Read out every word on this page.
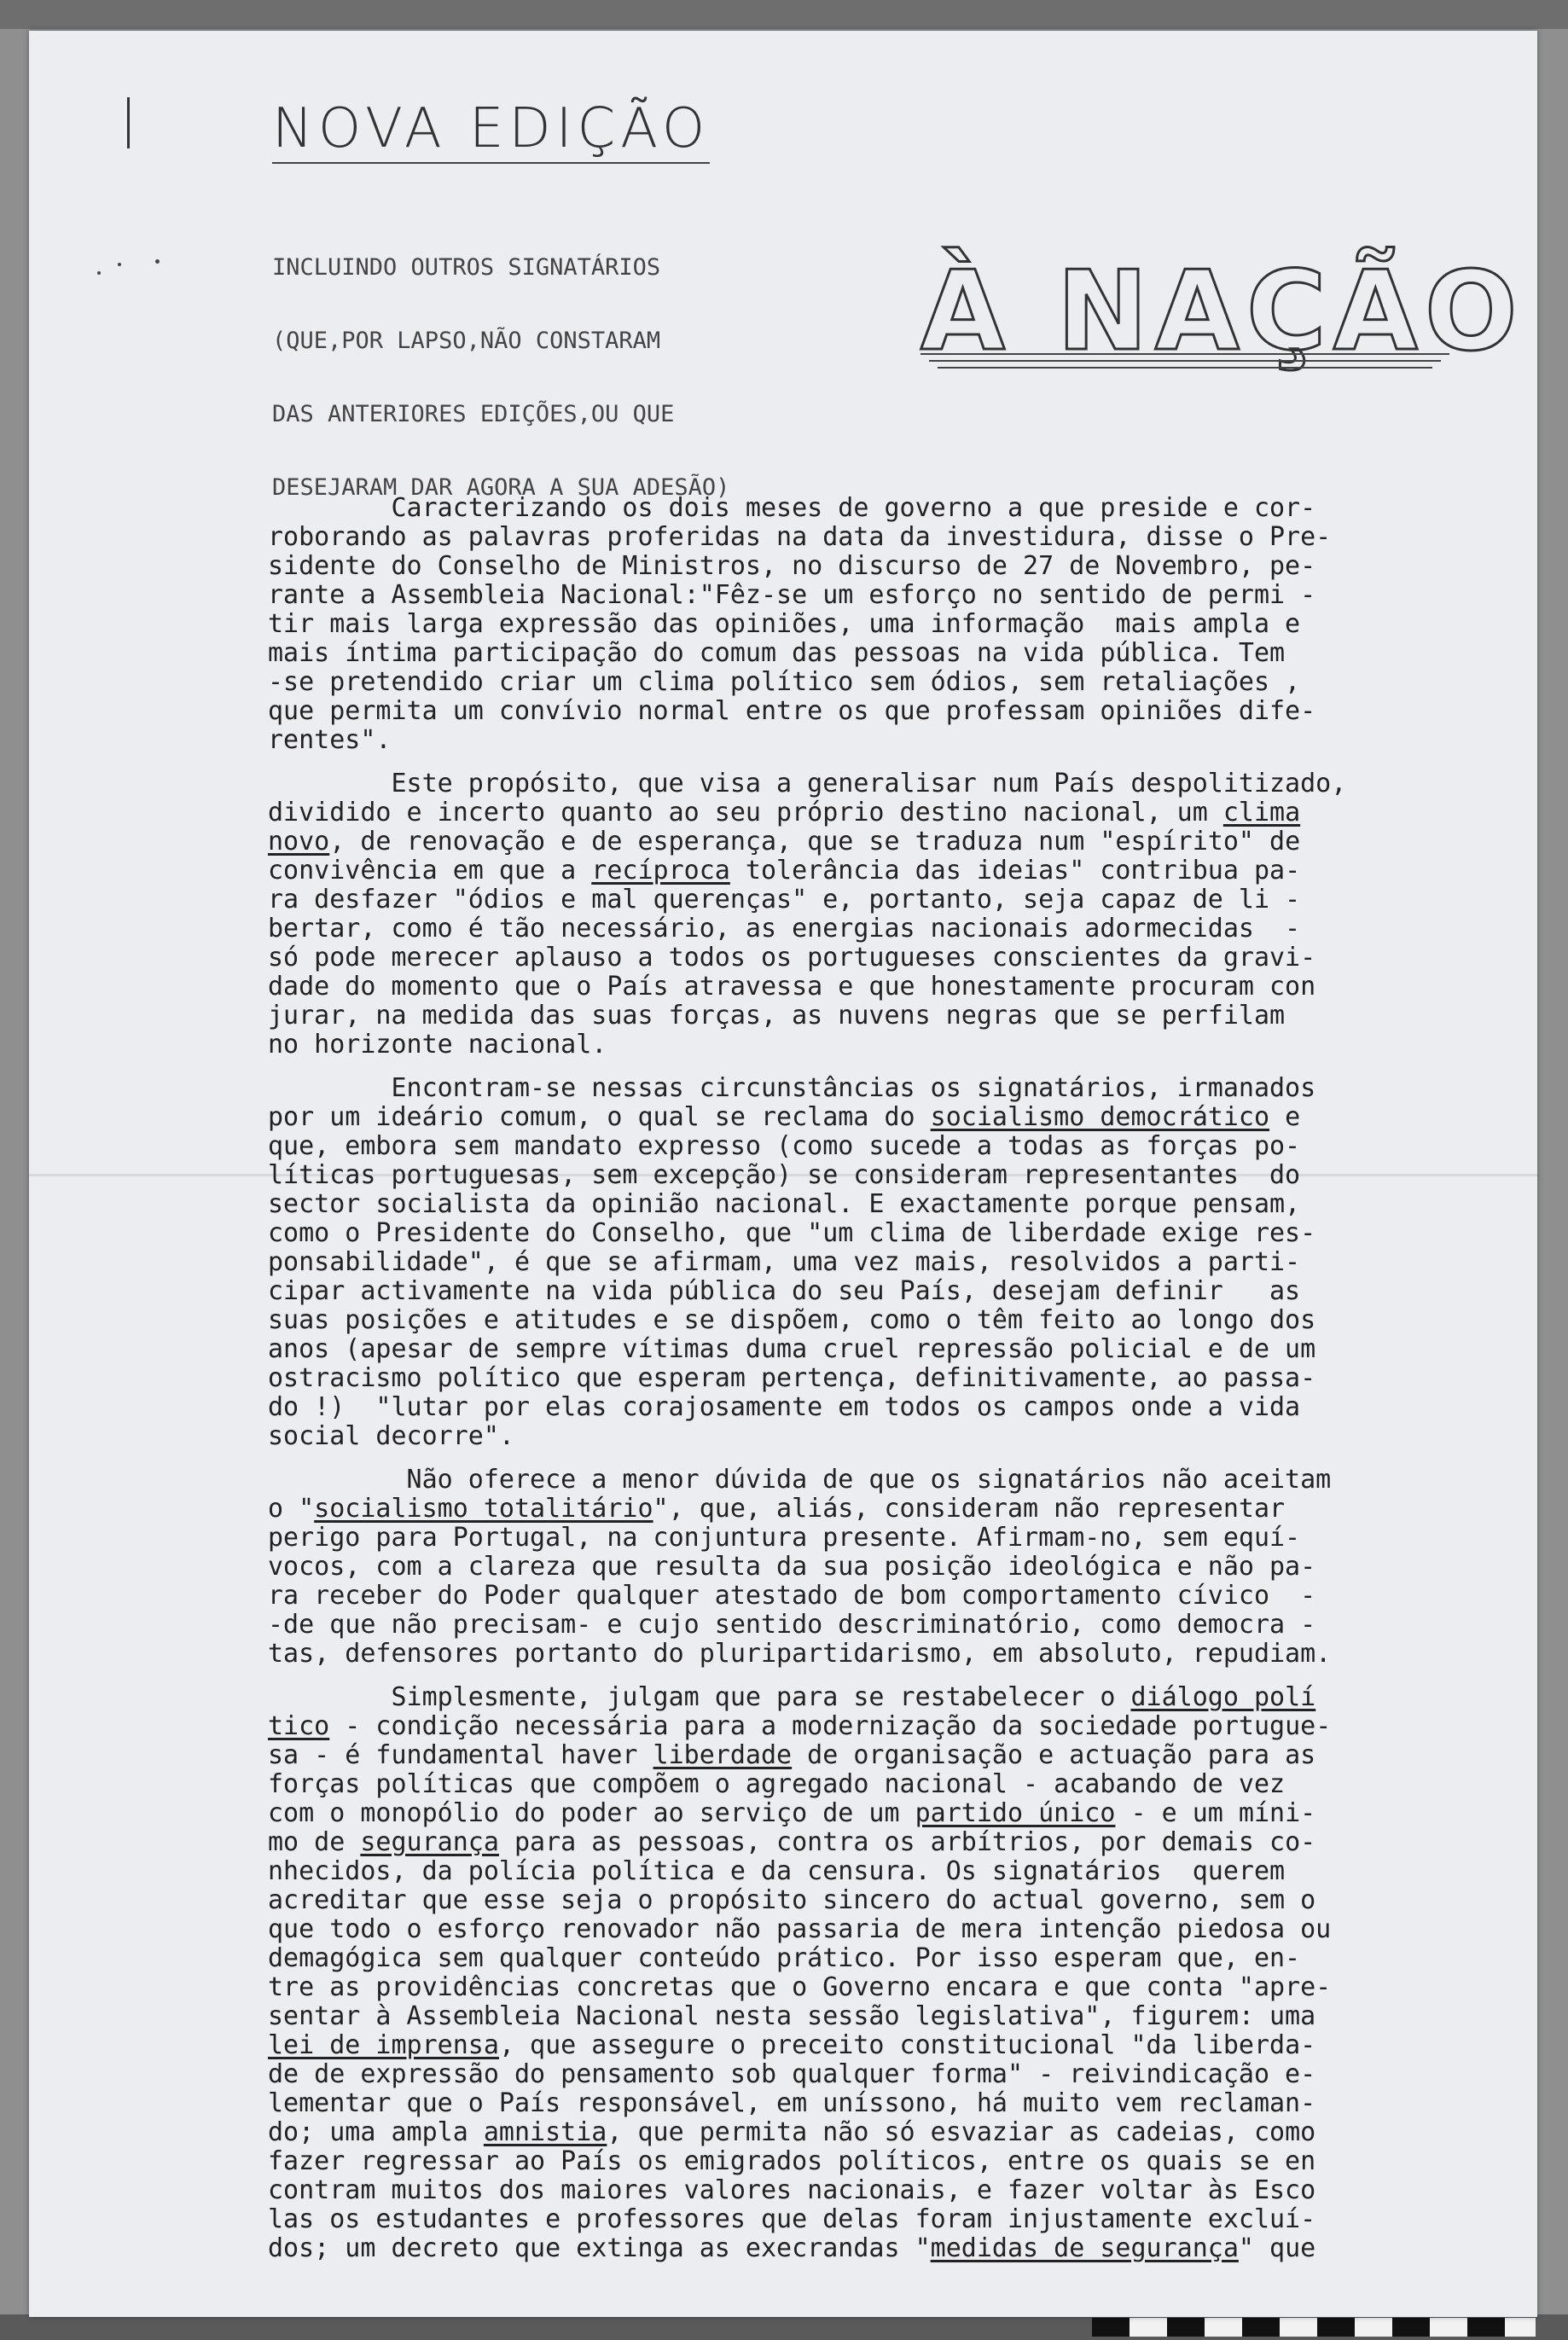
NOVA EDIÇÃO

INCLUINDO OUTROS SIGNATÁRIOS

(QUE,POR LAPSO,NÃO CONSTARAM

DAS ANTERIORES EDIÇÕES,OU QUE

DESEJARAM DAR AGORA A SUA ADESÃO)

À NAÇÃO
Caracterizando os dois meses de governo a que preside e cor-
roborando as palavras proferidas na data da investidura, disse o Pre-
sidente do Conselho de Ministros, no discurso de 27 de Novembro, pe-
rante a Assembleia Nacional:"Fêz-se um esforço no sentido de permi -
tir mais larga expressão das opiniões, uma informação  mais ampla e
mais íntima participação do comum das pessoas na vida pública. Tem
-se pretendido criar um clima político sem ódios, sem retaliações ,
que permita um convívio normal entre os que professam opiniões dife-
rentes".
Este propósito, que visa a generalisar num País despolitizado,
dividido e incerto quanto ao seu próprio destino nacional, um clima
novo, de renovação e de esperança, que se traduza num "espírito" de
convivência em que a recíproca tolerância das ideias" contribua pa-
ra desfazer "ódios e mal querenças" e, portanto, seja capaz de li -
bertar, como é tão necessário, as energias nacionais adormecidas  -
só pode merecer aplauso a todos os portugueses conscientes da gravi-
dade do momento que o País atravessa e que honestamente procuram con
jurar, na medida das suas forças, as nuvens negras que se perfilam
no horizonte nacional.
Encontram-se nessas circunstâncias os signatários, irmanados
por um ideário comum, o qual se reclama do socialismo democrático e
que, embora sem mandato expresso (como sucede a todas as forças po-
líticas portuguesas, sem excepção) se consideram representantes  do
sector socialista da opinião nacional. E exactamente porque pensam,
como o Presidente do Conselho, que "um clima de liberdade exige res-
ponsabilidade", é que se afirmam, uma vez mais, resolvidos a parti-
cipar activamente na vida pública do seu País, desejam definir   as
suas posições e atitudes e se dispõem, como o têm feito ao longo dos
anos (apesar de sempre vítimas duma cruel repressão policial e de um
ostracismo político que esperam pertença, definitivamente, ao passa-
do !)  "lutar por elas corajosamente em todos os campos onde a vida
social decorre".
Não oferece a menor dúvida de que os signatários não aceitam
o "socialismo totalitário", que, aliás, consideram não representar
perigo para Portugal, na conjuntura presente. Afirmam-no, sem equí-
vocos, com a clareza que resulta da sua posição ideológica e não pa-
ra receber do Poder qualquer atestado de bom comportamento cívico  -
-de que não precisam- e cujo sentido descriminatório, como democra -
tas, defensores portanto do pluripartidarismo, em absoluto, repudiam.
Simplesmente, julgam que para se restabelecer o diálogo polí
tico - condição necessária para a modernização da sociedade portugue-
sa - é fundamental haver liberdade de organisação e actuação para as
forças políticas que compõem o agregado nacional - acabando de vez
com o monopólio do poder ao serviço de um partido único - e um míni-
mo de segurança para as pessoas, contra os arbítrios, por demais co-
nhecidos, da polícia política e da censura. Os signatários  querem
acreditar que esse seja o propósito sincero do actual governo, sem o
que todo o esforço renovador não passaria de mera intenção piedosa ou
demagógica sem qualquer conteúdo prático. Por isso esperam que, en-
tre as providências concretas que o Governo encara e que conta "apre-
sentar à Assembleia Nacional nesta sessão legislativa", figurem: uma
lei de imprensa, que assegure o preceito constitucional "da liberda-
de de expressão do pensamento sob qualquer forma" - reivindicação e-
lementar que o País responsável, em uníssono, há muito vem reclaman-
do; uma ampla amnistia, que permita não só esvaziar as cadeias, como
fazer regressar ao País os emigrados políticos, entre os quais se en
contram muitos dos maiores valores nacionais, e fazer voltar às Esco
las os estudantes e professores que delas foram injustamente excluí-
dos; um decreto que extinga as execrandas "medidas de segurança" que
